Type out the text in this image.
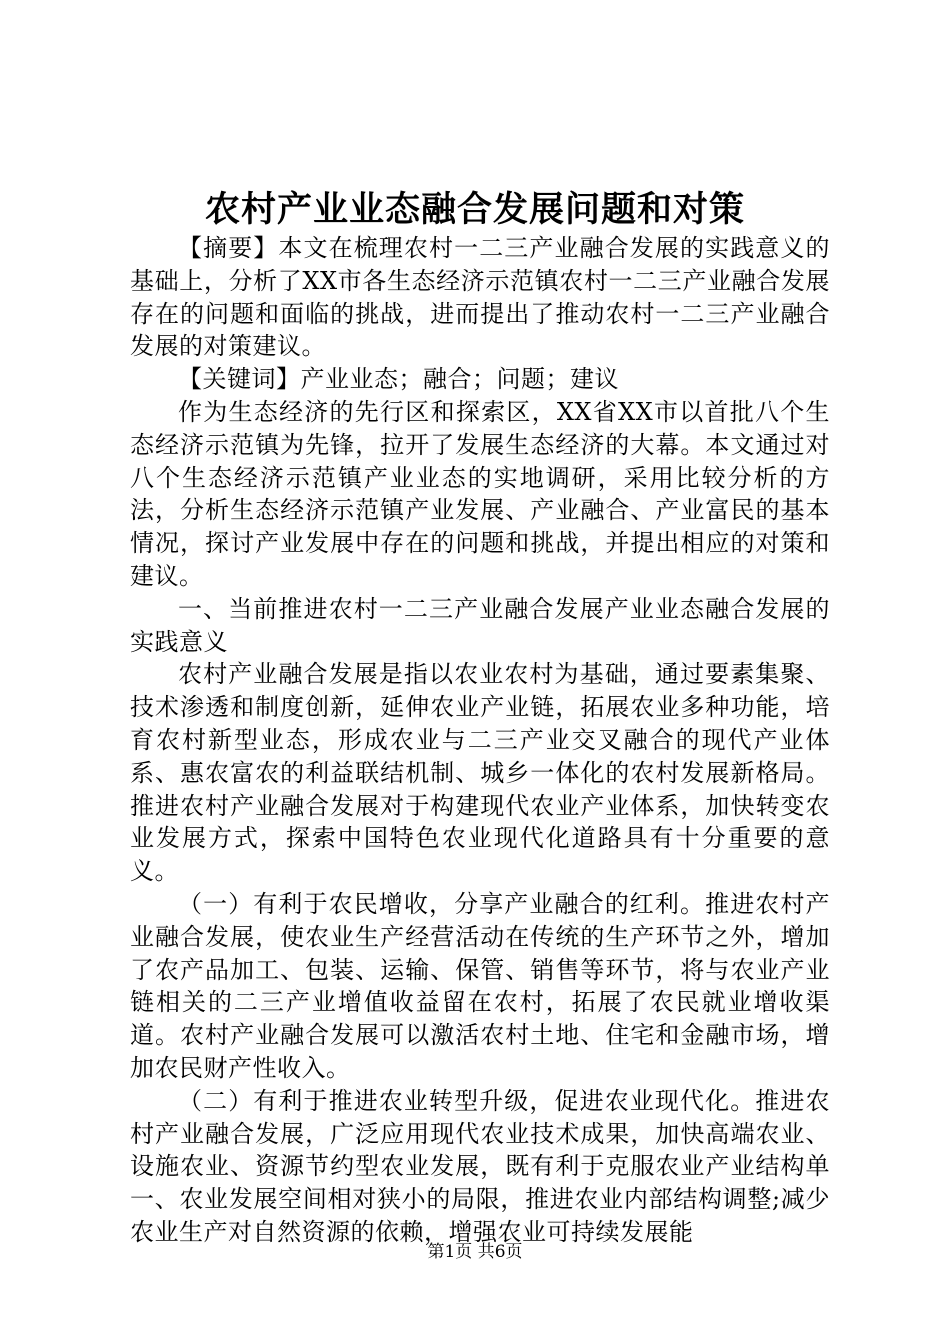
农村产业业态融合发展问题和对策

【摘要】本文在梳理农村一二三产业融合发展的实践意义的基础上，分析了XX市各生态经济示范镇农村一二三产业融合发展存在的问题和面临的挑战，进而提出了推动农村一二三产业融合发展的对策建议。

【关键词】产业业态；融合；问题；建议

作为生态经济的先行区和探索区，XX省XX市以首批八个生态经济示范镇为先锋，拉开了发展生态经济的大幕。本文通过对八个生态经济示范镇产业业态的实地调研，采用比较分析的方法，分析生态经济示范镇产业发展、产业融合、产业富民的基本情况，探讨产业发展中存在的问题和挑战，并提出相应的对策和建议。

一、当前推进农村一二三产业融合发展产业业态融合发展的实践意义

农村产业融合发展是指以农业农村为基础，通过要素集聚、技术渗透和制度创新，延伸农业产业链，拓展农业多种功能，培育农村新型业态，形成农业与二三产业交叉融合的现代产业体系、惠农富农的利益联结机制、城乡一体化的农村发展新格局。推进农村产业融合发展对于构建现代农业产业体系，加快转变农业发展方式，探索中国特色农业现代化道路具有十分重要的意义。

（一）有利于农民增收，分享产业融合的红利。推进农村产业融合发展，使农业生产经营活动在传统的生产环节之外，增加了农产品加工、包装、运输、保管、销售等环节，将与农业产业链相关的二三产业增值收益留在农村，拓展了农民就业增收渠道。农村产业融合发展可以激活农村土地、住宅和金融市场，增加农民财产性收入。

（二）有利于推进农业转型升级，促进农业现代化。推进农村产业融合发展，广泛应用现代农业技术成果，加快高端农业、设施农业、资源节约型农业发展，既有利于克服农业产业结构单一、农业发展空间相对狭小的局限，推进农业内部结构调整;减少农业生产对自然资源的依赖，增强农业可持续发展能

第1页 共6页
